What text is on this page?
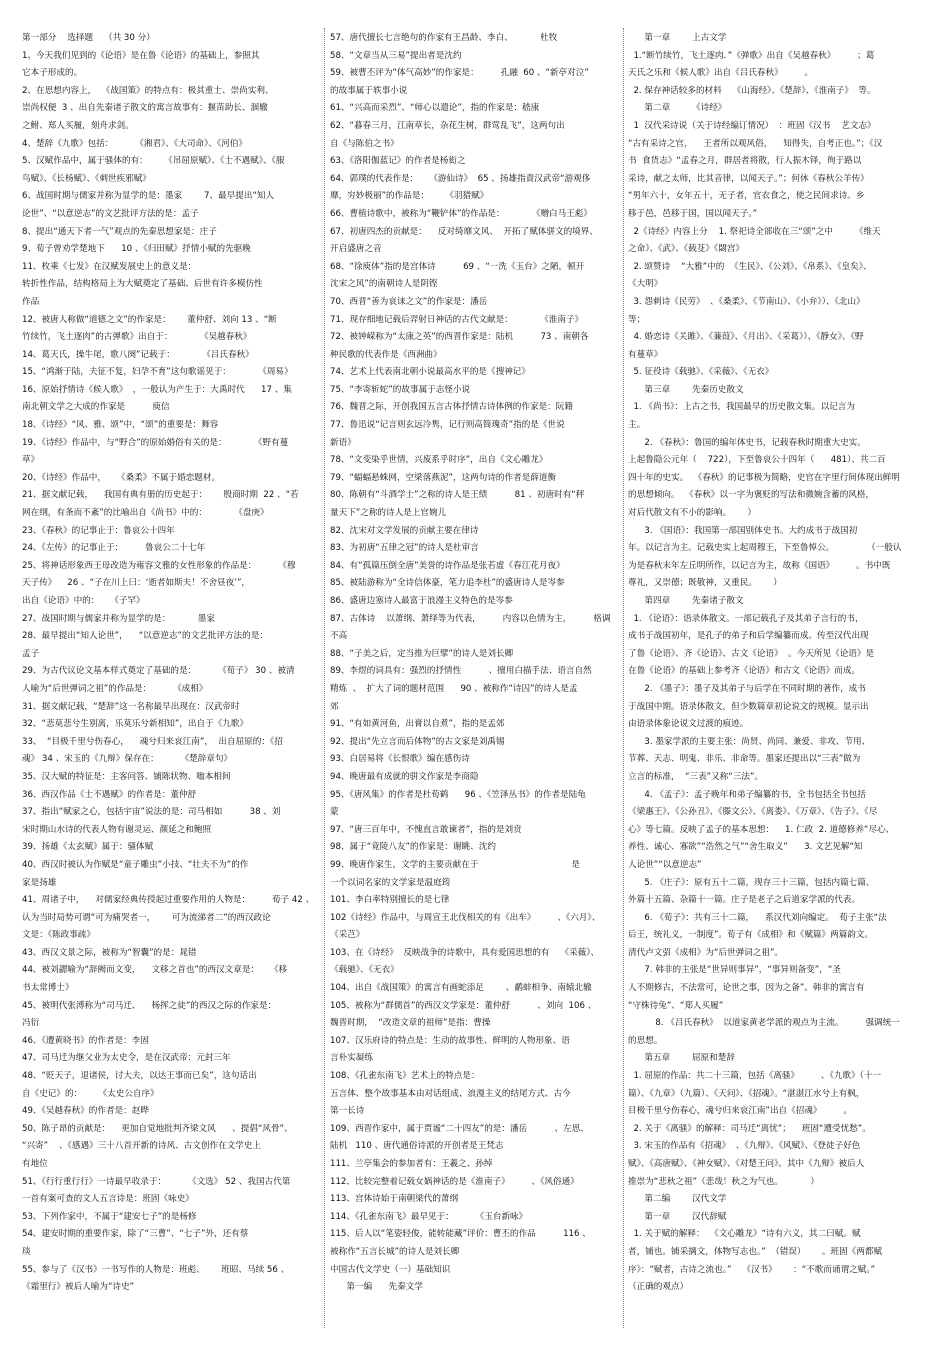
第一部分    选择题    （共 30 分）
1、今天我们见到的《论语》是在鲁《论语》的基础上，参照其
它本子形成的。
2、在思想内容上，  《战国策》的特点有：极其重士、崇尚实利、
崇尚权便  3 、出自先秦诸子散文的寓言故事有：揠苗助长、涸辙
之鲋、郑人买履，刻舟求剑。
4、楚辞《九歌》包括：        《湘君》、《大司命》、《河伯》
5、汉赋作品中，属于骚体的有：      《吊屈原赋》、《士不遇赋》、《服
鸟赋》、《长杨赋》、《刺世疾邪赋》
6、战国时期与儒家并称为显学的是：墨家        7、最早提出“知人
论世”、“以意逆志”的文艺批评方法的是：孟子
8、提出“通天下者一气”观点的先秦思想家是：庄子
9、荀子曾劝学楚地下      10 、《归田赋》抒情小赋的先驱晚
11、枚乘《七发》在汉赋发展史上的意义是：
转折性作品，结构格局上为大赋奠定了基础、后世有许多模仿性
作品
12、被唐人称做“道德之文”的作家是：      董仲舒、刘向 13 、“断
竹续竹，飞土逐肉”的古弹歌》出自于：          《吴越春秋》
14、葛天氏，操牛尾，歌八阕”记载于：          《吕氏春秋》
15、“鸿渐于陆，夫征不复，妇孕不育”这句歌谣见于：          《周易》
16、原始抒情诗《候人歌》  ，一般认为产生于：大禹时代      17 、集
南北朝文学之大成的作家是          庾信
18、《诗经》“风、雅、颂”中，“颂”的重要是：舞容
19、《诗经》作品中，与“野合”的原始婚俗有关的是：          《野有蔓
草》
20、《诗经》作品中，    《桑柔》不属于婚恋题材。
21、据文献记载，    我国有典有册的历史起于：      殷商时期  22 、“若
网在纲，有条而不紊”的比喻出自《尚书》中的：          《盘庚》
23、《春秋》的记事止于：鲁哀公十四年
24、《左传》的记事止于：        鲁哀公二十七年
25、将神话形象西王母改造为雍容文雅的女性形象的作品是：        《穆
天子传》    26 、“子在川上曰：‘逝者如斯夫！不舍昼夜’”，
出自《论语》中的：    《子罕》
27、战国时期与儒家并称为显学的是：          墨家
28、最早提出“知人论世”，    “以意逆志”的文艺批评方法的是：
孟子
29、为古代议论文基本样式奠定了基础的是：        《荀子》 30 、被清
人喻为“后世弹词之祖”的作品是：        《成相》
31、据文献记载，“楚辞”这一名称最早出现在：汉武帝时
32、“悲莫悲兮生别离，乐莫乐兮新相知”，出自于《九歌》
33、  “目极千里兮伤春心，    魂兮归来哀江南”，  出自屈原的：《招
魂》 34 、宋玉的《九辩》保存在：        《楚辞章句》
35、汉大赋的特征是：主客问答、铺陈状物、嗡本相间
36、西汉作品《士不遇赋》的作者是：董仲舒
37、指出“赋家之心，包括宇宙”说法的是：司马相如          38 、刘
宋时期山水诗的代表人物有谢灵运、颜延之和鲍照
39、扬雄《太玄赋》属于：骚体赋
40、西汉时被认为作赋是“童子雕虫”小技、“壮夫不为”的作
家是扬雄
41、周诸子中，    对儒家经典传授起过重要作用的人物是：        荀子 42 、
认为当时局势可谓“可为痛哭者一，      可为流涕者二”的西汉政论
文是：《陈政事疏》
43、西汉文景之际，被称为“智囊”的是：晁错
44、被刘勰喻为“辞阙而文变，    文移之首也”的西汉文章是：    《移
书太常博士》
45、被明代张溥称为“司马迁、    杨挥之徒”的西汉之际的作家是：
冯衍
46、《遭黄晓书》的作者是：李固
47、司马迁为继父业为太史令，是在汉武帝：元封三年
48、“贬天子，退诸侯，讨大夫，以达王事而已矣”，这句话出
自《史记》的：      《太史公自序》
49、《吴越春秋》的作者是：赵晔
50、陈子昂的贡献是：    更加自觉地批判齐梁文风      、提倡“风骨”、
“兴寄”    、《感遇》三十八首开新的诗风、古文创作在文学史上
有地位
51、《行行重行行》一诗最早收录于：        《文选》 52 、我国古代第
一首有案可查的文人五言诗是：班固《咏史》
53、下列作家中，不属于“建安七子”的是杨修
54、建安时期的重要作家，除了“三曹”、“七子”外，还有蔡
琰
55、参与了《汉书》一书写作的人物是：班彪、      班昭、马续 56 、
《霜里行》被后人喻为“诗史”
57、唐代擅长七言绝句的作家有王昌龄、李白、          杜牧
58、“文章当从三易”提出者是沈约
59、被曹丕评为“体气高妙”的作家是：        孔融  60 、“新亭对泣”
的故事属于轶事小说
61、“兴高而采烈”、“师心以遣论”，指的作家是：嵇康
62、“暮春三月，江南草长，杂花生树，群莺乱飞”，这两句出
自《与陈伯之书》
63、《洛阳伽蓝记》的作者是杨衒之
64、郭璞的代表作是：    《游仙诗》  65 、扬雄指責汉武帝“游观侈
靡，穷妙极丽”的作品是：      《羽猎赋》
66、曹植诗歌中，被称为“鞭铲体”的作品是：          《赠白马王彪》
67、初唐四杰的贡献是：    反对绮靡文风、  开拓了赋体骈文的境界、
开启盛唐之音
68、“徐庾体”指的是宫体诗          69 、“一洗《玉台》之陋，顿开
沈宋之风”的南朝诗人是阴铿
70、西晋“善为哀诔之文”的作家是：潘岳
71、现存细地记载后羿射日神话的古代文献是：          《淮南子》
72、被钟嵘称为“太康之英”的西晋作家是：陆机          73 、南朝各
种民歌的代表作是《西洲曲》
74、艺术上代表南北朝小说最高水平的是《搜神记》
75、“李寄斩蛇”的故事属于志怪小说
76、魏晋之际，开创我国五言古体抒情古诗体例的作家是：阮籍
77、鲁迅说“记言则玄远冷隽，记行则高简瑰奇”指的是《世说
新语》
78、“文变染乎世情，兴废系乎时序”，出自《文心雕龙》
79、“蝠蝠悬蛛网，空梁落燕泥”，这两句诗的作者是薛道衡
80、陈朝有“斗酒学士”之称的诗人是王绩          81 、初唐时有“秤
量天下”之称的诗人是上官婉儿
82、沈宋对文学发展的贡献主要在律诗
83、为初唐“五律之冠”的诗人是杜审言
84、有“孤篇压倒全唐”美誉的诗作品是张若虚《春江花月夜》
85、被陆游称为“全诗信体豪，笔力追李杜”的盛唐诗人是岑参
86、盛唐边塞诗人最富于浪漫主义特色的是岑参
87、古体诗    以萧纲、萧绎等为代表，        内容以色情为主，        格调
不高
88、“子美之后，定当推为巨擘”的诗人是刘长卿
89、李煜的词具有：强烈的抒情性          、擅用白描手法、语言自然
精炼  、  扩大了词的题材范围      90 、被称作“诗囚”的诗人是孟
郊
91、“有如黄河鱼，出膏以自煮”，指的是孟郊
92、提出“先立言而后体物”的古文家是刘禹锡
93、白居易将《长恨歌》编在感伤诗
94、晚唐最有成就的骈文作家是李商隐
95、《唐风集》的作者是杜荀鹤      96 、《笠泽丛书》的作者是陆龟
蒙
97、“唐三百年中，不愧直言敢谏者”，指的是刘贲
98、属于“竟陵八友”的作家是：谢眺、沈约
99、晚唐作家生，文学的主要贡献在于                                  是
一个以词名家的文学家是温庭筠
101、李白率特别擅长的是七律
102《诗经》作品中，与周宣王北伐相关的有《出车》        、《六月》、
《采芑》
103、在《诗经》  反映战争的诗歌中，具有爱国思想的有    《采薇》、
《载驰》、《无衣》
104、出自《战国策》的寓言有画蛇添足        、鹬蚌相争、南辕北辙
105、被称为“群儒首”的西汉文学家是：董仲舒          、刘向  106 、
魏晋时期，  “改造文章的祖师”是指：曹操
107、汉乐府诗的特点是：生动的故事性、鲜明的人物形象、语
言朴实凝练
108、《孔雀东南飞》艺术上的特点是：
五言体、整个故事基本由对话组成、浪漫主义的结尾方式、古今
第一长诗
109、西晋作家中，属于贾谧“二十四友”的是：潘岳          、左思、
陆机   110 、唐代通俗诗派的开创者是王梵志
111、兰亭集会的参加者有：王羲之、孙绰
112、比较完整着记载女娲神话的是《淮南子》        、《风俗通》
113、宫体诗始于南朝梁代的萧纲
114、《孔雀东南飞》最早见于：        《玉台新咏》
115、后人以“笔姿轻俊，能转能藏”评价：曹丕的作品          116 、
被称作“五言长城”的诗人是刘长卿
中国古代文学史（一）基础知识
第一编      先秦文学
第一章        上古文学
1.“断竹续竹，飞土逐肉．”《弹歌》出自《吴越春秋》        ；葛
天氏之乐和《候人歌》出自《吕氏春秋》        。
2. 保存神话较多的材料    《山海经》、《楚辞》、《淮南子》  等。
第二章        《诗经》
1  汉代采诗说（关于诗经编订情况）  ：班固《汉书    艺文志》
“古有采诗之官，    王者所以观风俗，    知得失，自考正也。”；《汉
书  食货志》“孟春之月，群居者将散，行人振木铎，徇于路以
采诗，献之太师，比其音律，以闻天子。”；何休《春秋公羊传》
“男年六十，女年五十，无子者，官衣食之，使之民间求诗。乡
移于邑，邑移于国，国以闻天子。”
2《诗经》内容上分    1. 祭祀诗全部收在三“颂”之中        《维天
之命》、《武》、《载芟》《閟宫》
2. 颂赞诗    “大雅”中的  《生民》、《公刘》、《帛系》、《皇矣》、
《大明》
3. 怨刺诗《民劳》  、《桑柔》、《节南山》、《小弁》）、《北山》
等；
4. 婚恋诗《关雎》、《蒹葭》、《月出》、《采葛》）、《静女》、《野
有蔓草》
5. 征役诗《载驰》、《采薇》、《无衣》
第三章        先秦历史散文
1. 《尚书》：上古之书，我国最早的历史散文集。以记言为
主。
2. 《春秋》：鲁国的编年体史书，记载春秋时期重大史实。
上起鲁隐公元年（    722），下至鲁哀公十四年（      481）、共二百
四十年的史实。  《春秋》的记事极为简略，史官在字里行间体现出鲜明
的思想倾向。  《春秋》以一字为褒贬的写法和微婉含蓄的风格，
对后代散文有不小的影响。      ）
3. 《国语》：我国第一部国别体史书。大约成书于战国初
年。以记言为主。记载史实上起周穆王，下至鲁悼公。            （一般认
为是春秋末年左丘明所作，以记言为主，故称《国语》        。书中既
尊礼，又崇德；既敬神，又重民。      ）
第四章        先秦诸子散文
1. 《论语》：语录体散文。一部记载孔子及其弟子言行的书，
成书于战国初年，是孔子的弟子和后学编纂而成。传至汉代出现
了鲁《论语》、齐《论语》、古文《论语》  。今天所见《论语》是
在鲁《论语》的基础上参考齐《论语》和古文《论语》而成。
2. 《墨子》：墨子及其弟子与后学在不同时期的著作，成书
于战国中期。语录体散文，但少数篇章初论说文的规模。显示出
由语录体象论说文过渡的痕迹。
3. 墨家学派的主要主张：尚贤、尚同、兼爱、非攻、节用、
节葬、天志、明鬼、非乐、非命等。墨家还提出以“三表”做为
立言的标准，  “三表”又称“三法”。
4. 《孟子》：孟子晚年和弟子编纂的书，全书包括全书包括
《梁惠王》、《公孙丑》、《滕文公》、《离娄》、《万章》、《告子》、《尽
心》等七篇。反映了孟子的基本思想：    1. 仁政  2. 道德修养“尽心、
养性、诚心、寡欲”“浩然之气”“舍生取义”      3. 文艺见解“知
人论世”“以意逆志”
5. 《庄子》：原有五十二篇，现存三十三篇，包括内篇七篇、
外篇十五篇、杂篇十一篇。庄子是老子之后道家学派的代表。
6. 《荀子》：共有三十二篇，    系汉代刘向编定。  荀子主张“法
后王，统礼义，一制度”。荀子有《成相》和《赋篇》两篇韵文。
清代卢文弨《成相》为“后世弹词之祖”。
7. 韩非的主张是“世异则事异”，“事异则备变”，“圣
人不期修古，不法常可，论世之事，因为之备”。韩非的寓言有
“守株待兔”、“郑人买履”
8. 《吕氏春秋》  以道家黄老学派的观点为主流。        强调统一
的思想。
第五章        屈原和楚辞
1. 屈原的作品：共二十三篇，包括《离骚》        、《九歌》（十一
篇）、《九章》（九篇）、《天问》、《招魂》。“湛湛江水兮上有枫，
目极千里兮伤春心，魂兮归来哀江南”出自《招魂》        。
2. 关于《离骚》的解释：司马迁“离忧”；    班固“遭受忧愁”。
3. 宋玉的作品有《招魂》  、《九辩》、《风赋》、《登徒子好色
赋》、《高唐赋》、《神女赋》、《对楚王问》。其中《九辩》被后人
推崇为“悲秋之祖”（悲哉！秋之为气也。          ）
第二编        汉代文学
第一章        汉代辞赋
1. 关于赋的解释：  《文心雕龙》“诗有六义，其二曰赋。赋
者，铺也。铺采摛文，体物写志也。”  （错误）      。班固《两都赋
序》：“赋者，古诗之流也。”    《汉书》      ：“不歌而诵谓之赋。”
（正确的观点）
